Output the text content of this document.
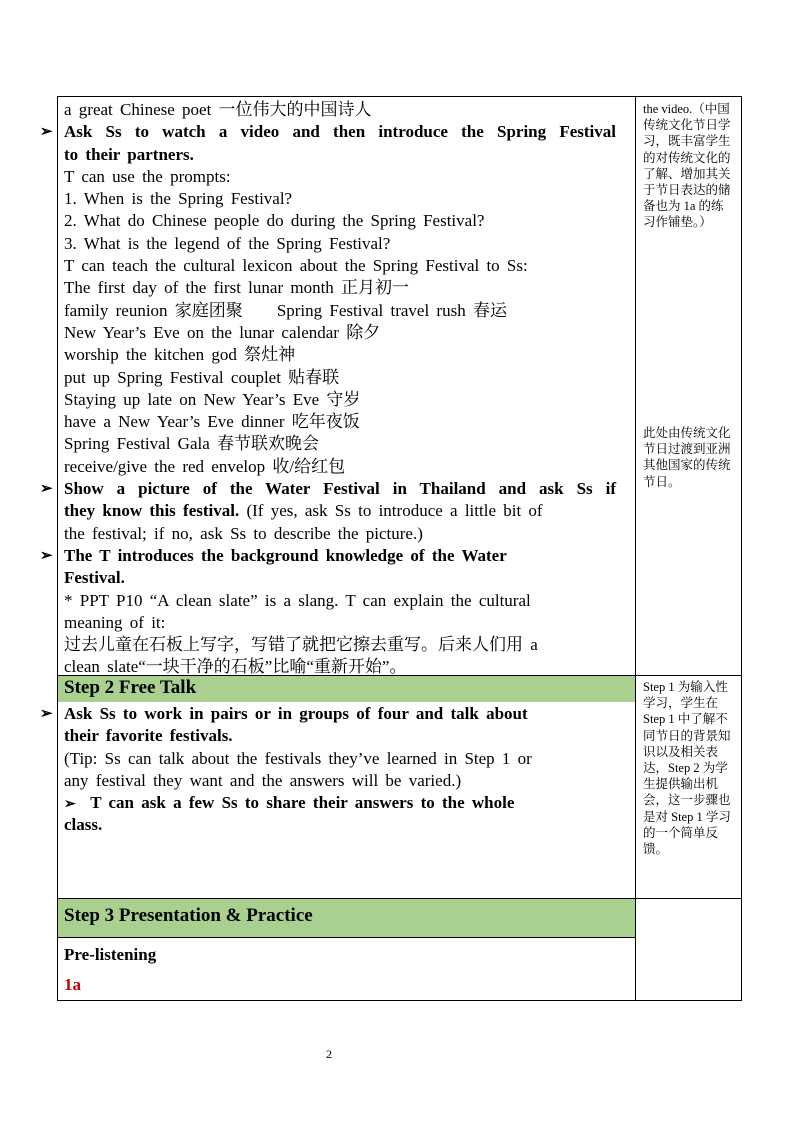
a great Chinese poet 一位伟大的中国诗人

➢ Ask Ss to watch a video and then introduce the Spring Festival

to their partners.

T can use the prompts:

1. When is the Spring Festival?

2. What do Chinese people do during the Spring Festival?

3. What is the legend of the Spring Festival?

T can teach the cultural lexicon about the Spring Festival to Ss:

The first day of the first lunar month 正月初一

family reunion 家庭团聚 Spring Festival travel rush 春运

New Year’s Eve on the lunar calendar 除夕

worship the kitchen god 祭灶神

put up Spring Festival couplet 贴春联

Staying up late on New Year’s Eve 守岁

have a New Year’s Eve dinner 吃年夜饭

Spring Festival Gala 春节联欢晚会

receive/give the red envelop 收/给红包

➢ Show a picture of the Water Festival in Thailand and ask Ss if

they know this festival. (If yes, ask Ss to introduce a little bit of

the festival; if no, ask Ss to describe the picture.)

➢ The T introduces the background knowledge of the Water

Festival.

* PPT P10 “A clean slate” is a slang. T can explain the cultural

meaning of it:

过去儿童在石板上写字，写错了就把它擦去重写。后来人们用 a

clean slate“一块干净的石板”比喻“重新开始”。

the video.（中国传统文化节日学习，既丰富学生的对传统文化的了解、增加其关于节日表达的储备也为 1a 的练习作铺垫。）

此处由传统文化节日过渡到亚洲其他国家的传统节日。

Step 2 Free Talk

➢ Ask Ss to work in pairs or in groups of four and talk about

their favorite festivals.

(Tip: Ss can talk about the festivals they’ve learned in Step 1 or

any festival they want and the answers will be varied.)

➢ T can ask a few Ss to share their answers to the whole

class.

Step 1 为输入性学习，学生在 Step 1 中了解不同节日的背景知识以及相关表达，Step 2 为学生提供输出机会，这一步骤也是对 Step 1 学习的一个简单反馈。

Step 3 Presentation & Practice

Pre-listening

1a

2
